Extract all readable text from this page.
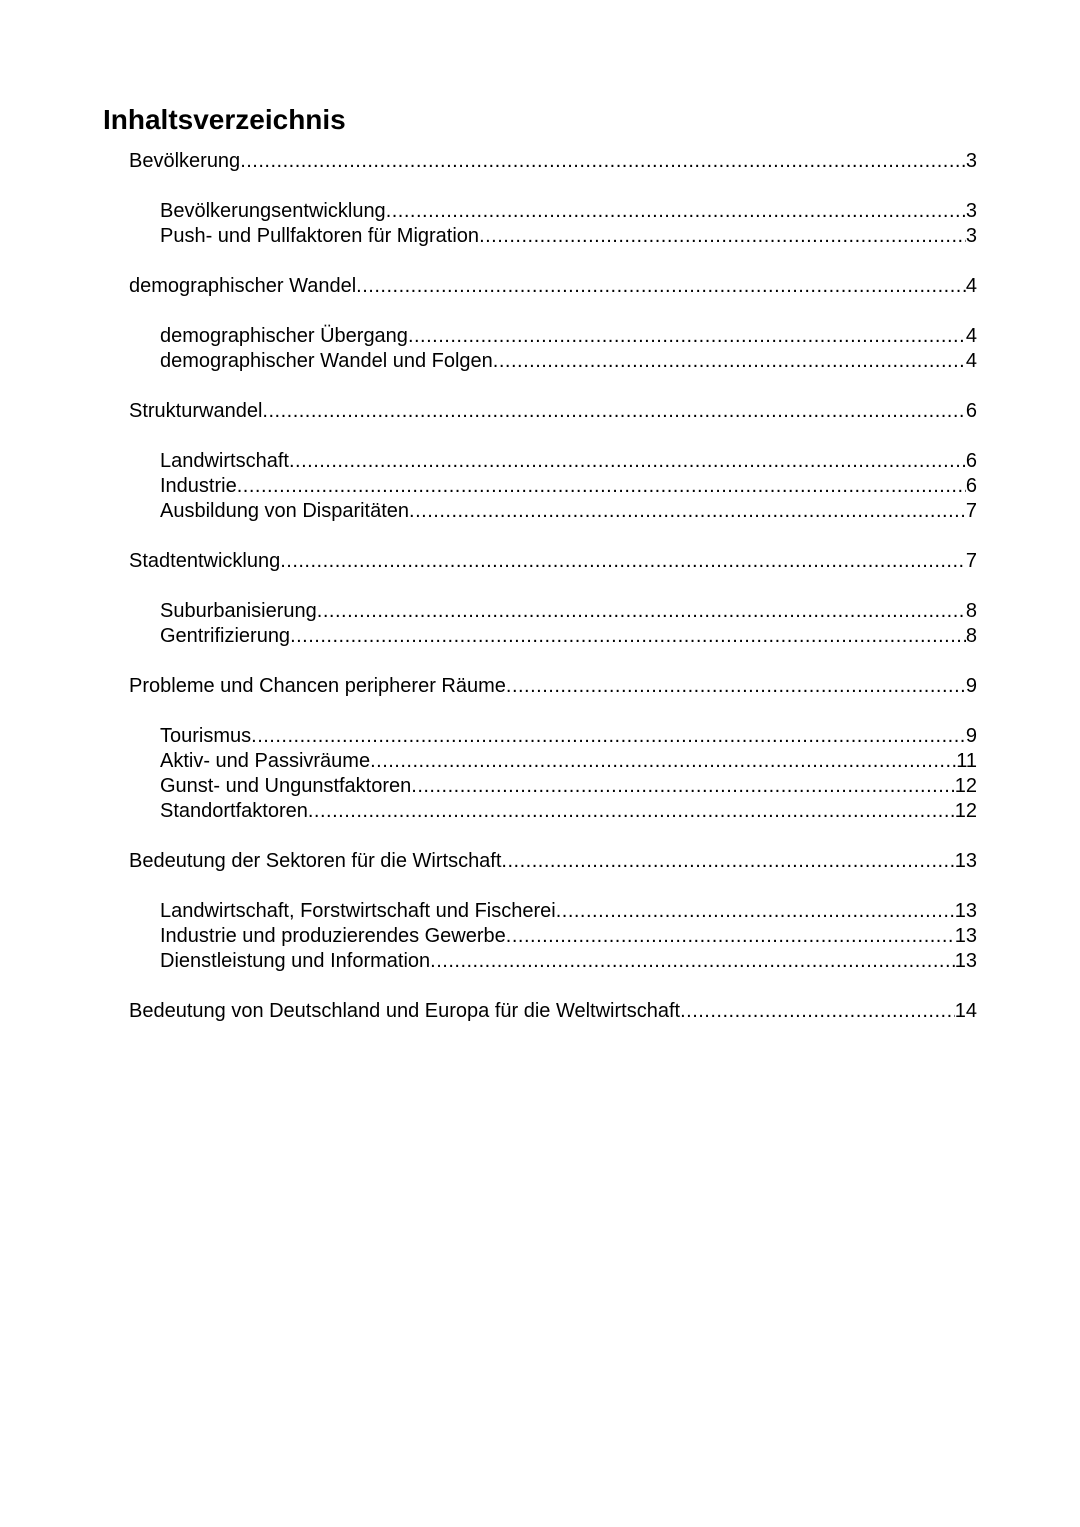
Inhaltsverzeichnis
Bevölkerung .....	3
Bevölkerungsentwicklung .....	3
Push- und Pullfaktoren für Migration .....	3
demographischer Wandel .....	4
demographischer Übergang .....	4
demographischer Wandel und Folgen .....	4
Strukturwandel .....	6
Landwirtschaft .....	6
Industrie .....	6
Ausbildung von Disparitäten .....	7
Stadtentwicklung .....	7
Suburbanisierung .....	8
Gentrifizierung .....	8
Probleme und Chancen peripherer Räume .....	9
Tourismus .....	9
Aktiv- und Passivräume .....	11
Gunst- und Ungunstfaktoren .....	12
Standortfaktoren .....	12
Bedeutung der Sektoren für die Wirtschaft .....	13
Landwirtschaft, Forstwirtschaft und Fischerei .....	13
Industrie und produzierendes Gewerbe .....	13
Dienstleistung und Information .....	13
Bedeutung von Deutschland und Europa für die Weltwirtschaft .....	14
